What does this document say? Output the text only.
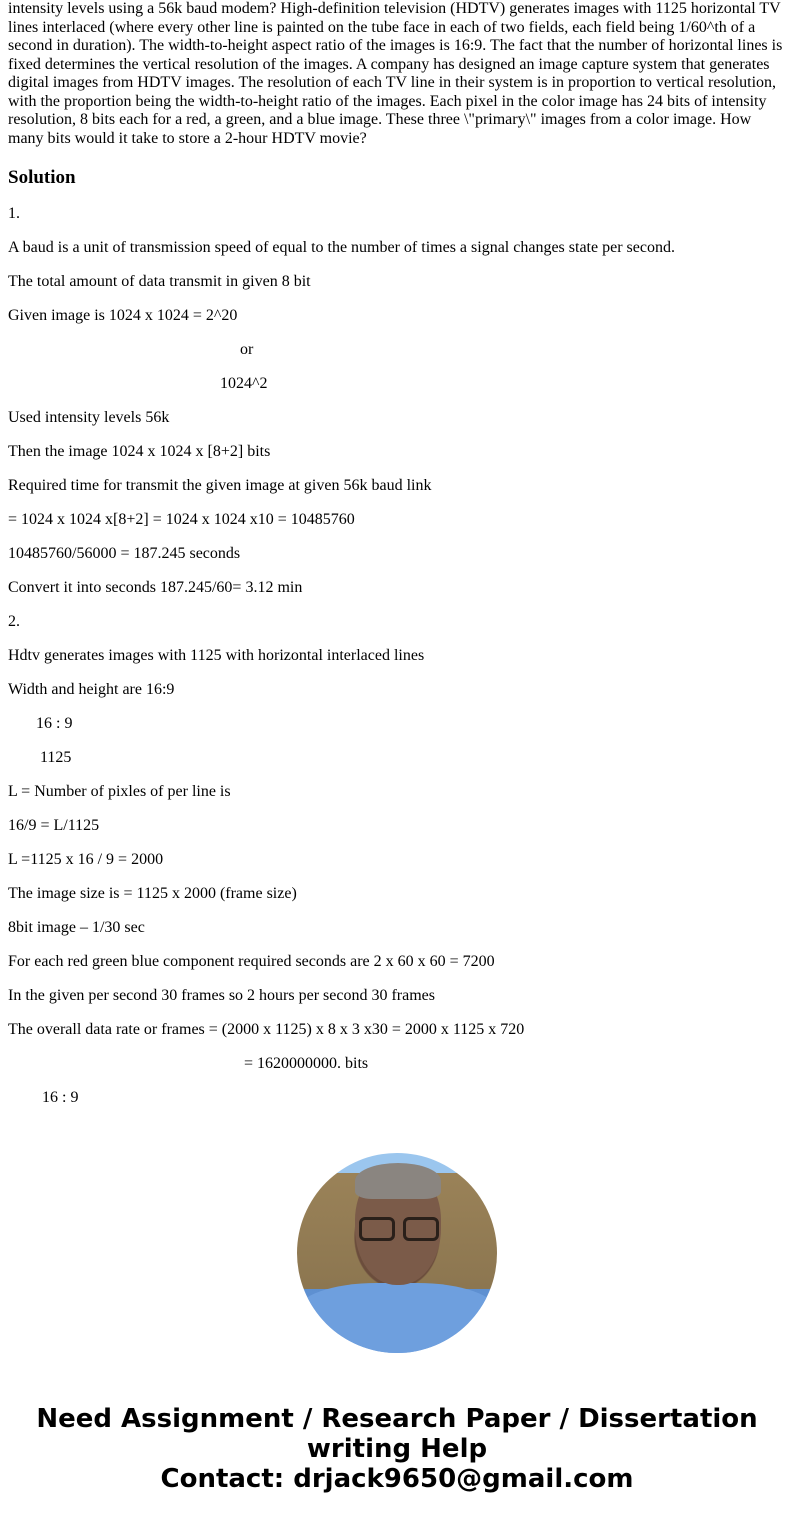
intensity levels using a 56k baud modem? High-definition television (HDTV) generates images with 1125 horizontal TV lines interlaced (where every other line is painted on the tube face in each of two fields, each field being 1/60^th of a second in duration). The width-to-height aspect ratio of the images is 16:9. The fact that the number of horizontal lines is fixed determines the vertical resolution of the images. A company has designed an image capture system that generates digital images from HDTV images. The resolution of each TV line in their system is in proportion to vertical resolution, with the proportion being the width-to-height ratio of the images. Each pixel in the color image has 24 bits of intensity resolution, 8 bits each for a red, a green, and a blue image. These three \"primary\" images from a color image. How many bits would it take to store a 2-hour HDTV movie?

Solution

1.

A baud is a unit of transmission speed of equal to the number of times a signal changes state per second.

The total amount of data transmit in given 8 bit

Given image is 1024 x 1024 = 2^20

or

1024^2

Used intensity levels 56k

Then the image 1024 x 1024 x [8+2] bits

Required time for transmit the given image at given 56k baud link

= 1024 x 1024 x[8+2] = 1024 x 1024 x10 = 10485760

10485760/56000 = 187.245 seconds

Convert it into seconds 187.245/60= 3.12 min

2.

Hdtv generates images with 1125 with horizontal interlaced lines

Width and height are 16:9

16 : 9

1125

L = Number of pixles of per line is

16/9 = L/1125

L =1125 x 16 / 9 = 2000

The image size is = 1125 x 2000 (frame size)

8bit image – 1/30 sec

For each red green blue component required seconds are 2 x 60 x 60 = 7200

In the given per second 30 frames so 2 hours per second 30 frames

The overall data rate or frames = (2000 x 1125) x 8 x 3 x30 = 2000 x 1125 x 720

= 1620000000. bits

16 : 9

Need Assignment / Research Paper / Dissertation
writing Help
Contact: drjack9650@gmail.com
